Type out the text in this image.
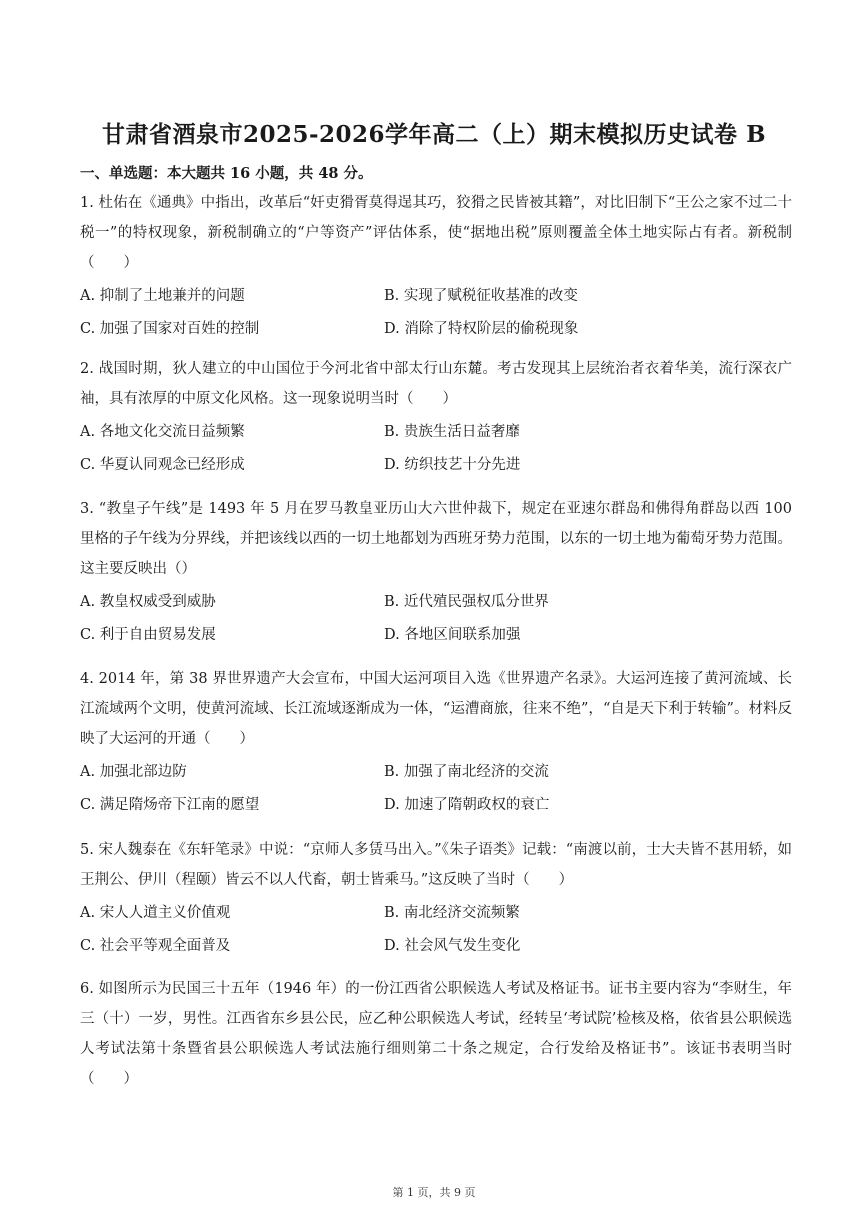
甘肃省酒泉市2025-2026学年高二（上）期末模拟历史试卷 B
一、单选题：本大题共 16 小题，共 48 分。

1. 杜佑在《通典》中指出，改革后“奸吏猾胥莫得逞其巧，狡猾之民皆被其籍”，对比旧制下“王公之家不过二十税一”的特权现象，新税制确立的“户等资产”评估体系，使“据地出税”原则覆盖全体土地实际占有者。新税制（　　）

A. 抑制了土地兼并的问题	B. 实现了赋税征收基准的改变
C. 加强了国家对百姓的控制	D. 消除了特权阶层的偷税现象

2. 战国时期，狄人建立的中山国位于今河北省中部太行山东麓。考古发现其上层统治者衣着华美，流行深衣广袖，具有浓厚的中原文化风格。这一现象说明当时（　　）

A. 各地文化交流日益频繁	B. 贵族生活日益奢靡
C. 华夏认同观念已经形成	D. 纺织技艺十分先进

3. “教皇子午线”是 1493 年 5 月在罗马教皇亚历山大六世仲裁下，规定在亚速尔群岛和佛得角群岛以西 100 里格的子午线为分界线，并把该线以西的一切土地都划为西班牙势力范围，以东的一切土地为葡萄牙势力范围。这主要反映出（）

A. 教皇权威受到威胁	B. 近代殖民强权瓜分世界
C. 利于自由贸易发展	D. 各地区间联系加强

4. 2014 年，第 38 界世界遗产大会宣布，中国大运河项目入选《世界遗产名录》。大运河连接了黄河流域、长江流域两个文明，使黄河流域、长江流域逐渐成为一体，“运漕商旅，往来不绝”，“自是天下利于转输”。材料反映了大运河的开通（　　）

A. 加强北部边防	B. 加强了南北经济的交流
C. 满足隋炀帝下江南的愿望	D. 加速了隋朝政权的衰亡

5. 宋人魏泰在《东轩笔录》中说：“京师人多赁马出入。”《朱子语类》记载：“南渡以前，士大夫皆不甚用轿，如王荆公、伊川（程颐）皆云不以人代畜，朝士皆乘马。”这反映了当时（　　）

A. 宋人人道主义价值观	B. 南北经济交流频繁
C. 社会平等观全面普及	D. 社会风气发生变化

6. 如图所示为民国三十五年（1946 年）的一份江西省公职候选人考试及格证书。证书主要内容为“李财生，年三（十）一岁，男性。江西省东乡县公民，应乙种公职候选人考试，经转呈‘考试院’检核及格，依省县公职候选人考试法第十条暨省县公职候选人考试法施行细则第二十条之规定，合行发给及格证书”。该证书表明当时（　　）

第 1 页，共 9 页
